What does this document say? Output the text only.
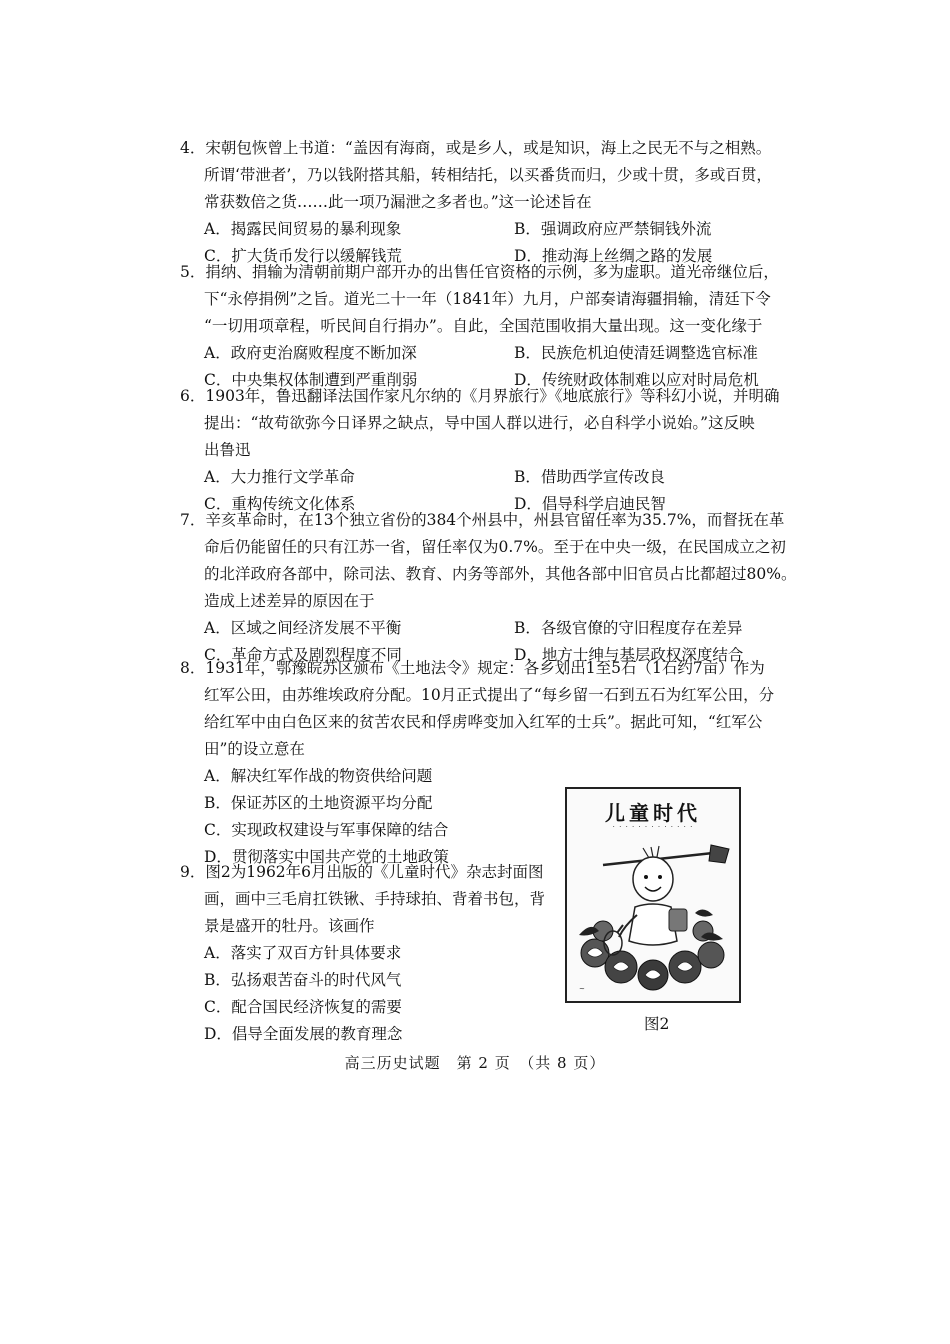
4．宋朝包恢曾上书道：“盖因有海商，或是乡人，或是知识，海上之民无不与之相熟。
所谓‘带泄者’，乃以钱附搭其船，转相结托，以买番货而归，少或十贯，多或百贯，
常获数倍之货……此一项乃漏泄之多者也。”这一论述旨在
A．揭露民间贸易的暴利现象	B．强调政府应严禁铜钱外流
C．扩大货币发行以缓解钱荒	D．推动海上丝绸之路的发展
5．捐纳、捐输为清朝前期户部开办的出售任官资格的示例，多为虚职。道光帝继位后，
下“永停捐例”之旨。道光二十一年（1841年）九月，户部奏请海疆捐输，清廷下令
“一切用项章程，听民间自行捐办”。自此，全国范围收捐大量出现。这一变化缘于
A．政府吏治腐败程度不断加深	B．民族危机迫使清廷调整选官标准
C．中央集权体制遭到严重削弱	D．传统财政体制难以应对时局危机
6．1903年，鲁迅翻译法国作家凡尔纳的《月界旅行》《地底旅行》等科幻小说，并明确
提出：“故苟欲弥今日译界之缺点，导中国人群以进行，必自科学小说始。”这反映
出鲁迅
A．大力推行文学革命	B．借助西学宣传改良
C．重构传统文化体系	D．倡导科学启迪民智
7．辛亥革命时，在13个独立省份的384个州县中，州县官留任率为35.7%，而督抚在革
命后仍能留任的只有江苏一省，留任率仅为0.7%。至于在中央一级，在民国成立之初
的北洋政府各部中，除司法、教育、内务等部外，其他各部中旧官员占比都超过80%。
造成上述差异的原因在于
A．区域之间经济发展不平衡	B．各级官僚的守旧程度存在差异
C．革命方式及剧烈程度不同	D．地方士绅与基层政权深度结合
8．1931年，鄂豫皖苏区颁布《土地法令》规定：各乡划出1至5石（1石约7亩）作为
红军公田，由苏维埃政府分配。10月正式提出了“每乡留一石到五石为红军公田，分
给红军中由白色区来的贫苦农民和俘虏哗变加入红军的士兵”。据此可知，“红军公
田”的设立意在
A．解决红军作战的物资供给问题
B．保证苏区的土地资源平均分配
C．实现政权建设与军事保障的结合
D．贯彻落实中国共产党的土地政策
9．图2为1962年6月出版的《儿童时代》杂志封面图
画，画中三毛肩扛铁锹、手持球拍、背着书包，背
景是盛开的牡丹。该画作
A．落实了双百方针具体要求
B．弘扬艰苦奋斗的时代风气
C．配合国民经济恢复的需要
D．倡导全面发展的教育理念
儿童时代
· · · · · · · · · · · · ·
~
图2
高三历史试题　第 2 页　（共 8 页）
